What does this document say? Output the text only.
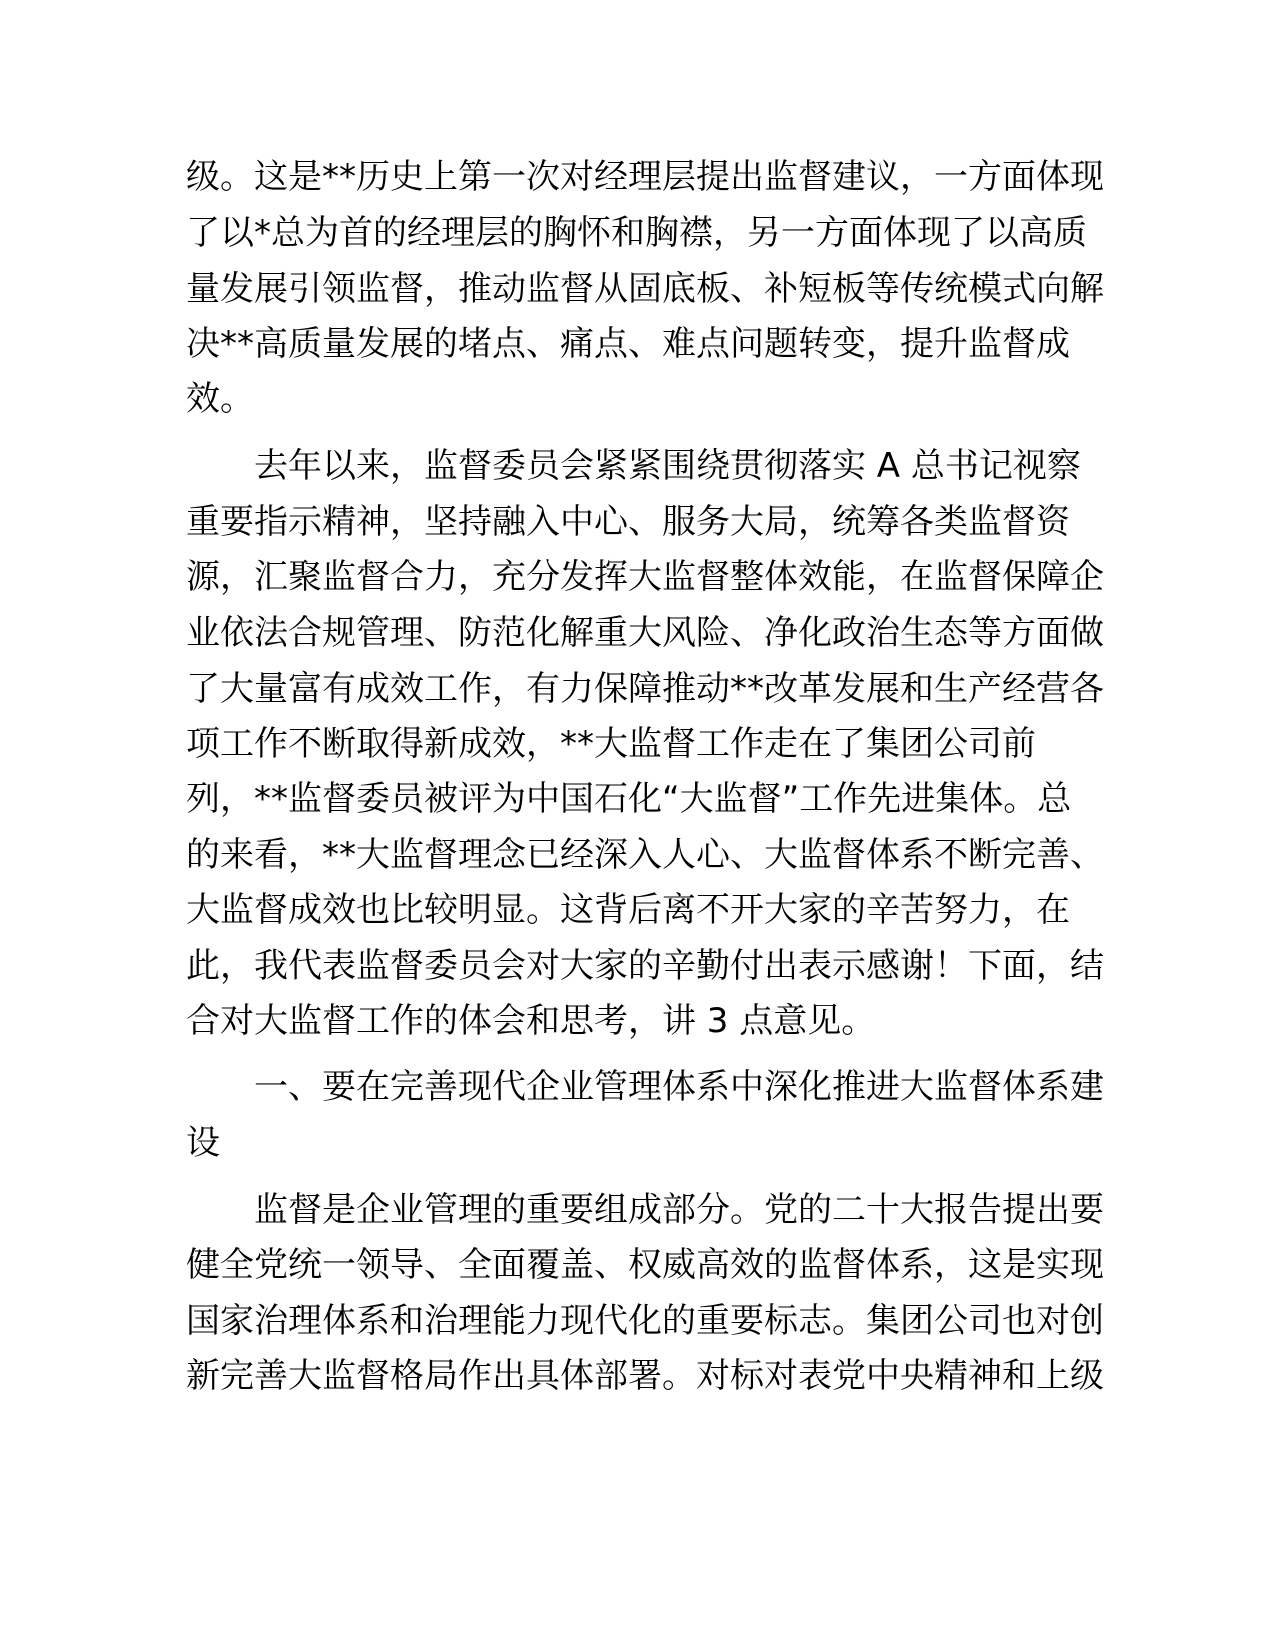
级。这是**历史上第一次对经理层提出监督建议，一方面体现
了以*总为首的经理层的胸怀和胸襟，另一方面体现了以高质
量发展引领监督，推动监督从固底板、补短板等传统模式向解
决**高质量发展的堵点、痛点、难点问题转变，提升监督成
效。
去年以来，监督委员会紧紧围绕贯彻落实 A 总书记视察
重要指示精神，坚持融入中心、服务大局，统筹各类监督资
源，汇聚监督合力，充分发挥大监督整体效能，在监督保障企
业依法合规管理、防范化解重大风险、净化政治生态等方面做
了大量富有成效工作，有力保障推动**改革发展和生产经营各
项工作不断取得新成效，**大监督工作走在了集团公司前
列，**监督委员被评为中国石化“大监督”工作先进集体。总
的来看，**大监督理念已经深入人心、大监督体系不断完善、
大监督成效也比较明显。这背后离不开大家的辛苦努力，在
此，我代表监督委员会对大家的辛勤付出表示感谢！下面，结
合对大监督工作的体会和思考，讲 3 点意见。
一、要在完善现代企业管理体系中深化推进大监督体系建
设
监督是企业管理的重要组成部分。党的二十大报告提出要
健全党统一领导、全面覆盖、权威高效的监督体系，这是实现
国家治理体系和治理能力现代化的重要标志。集团公司也对创
新完善大监督格局作出具体部署。对标对表党中央精神和上级
